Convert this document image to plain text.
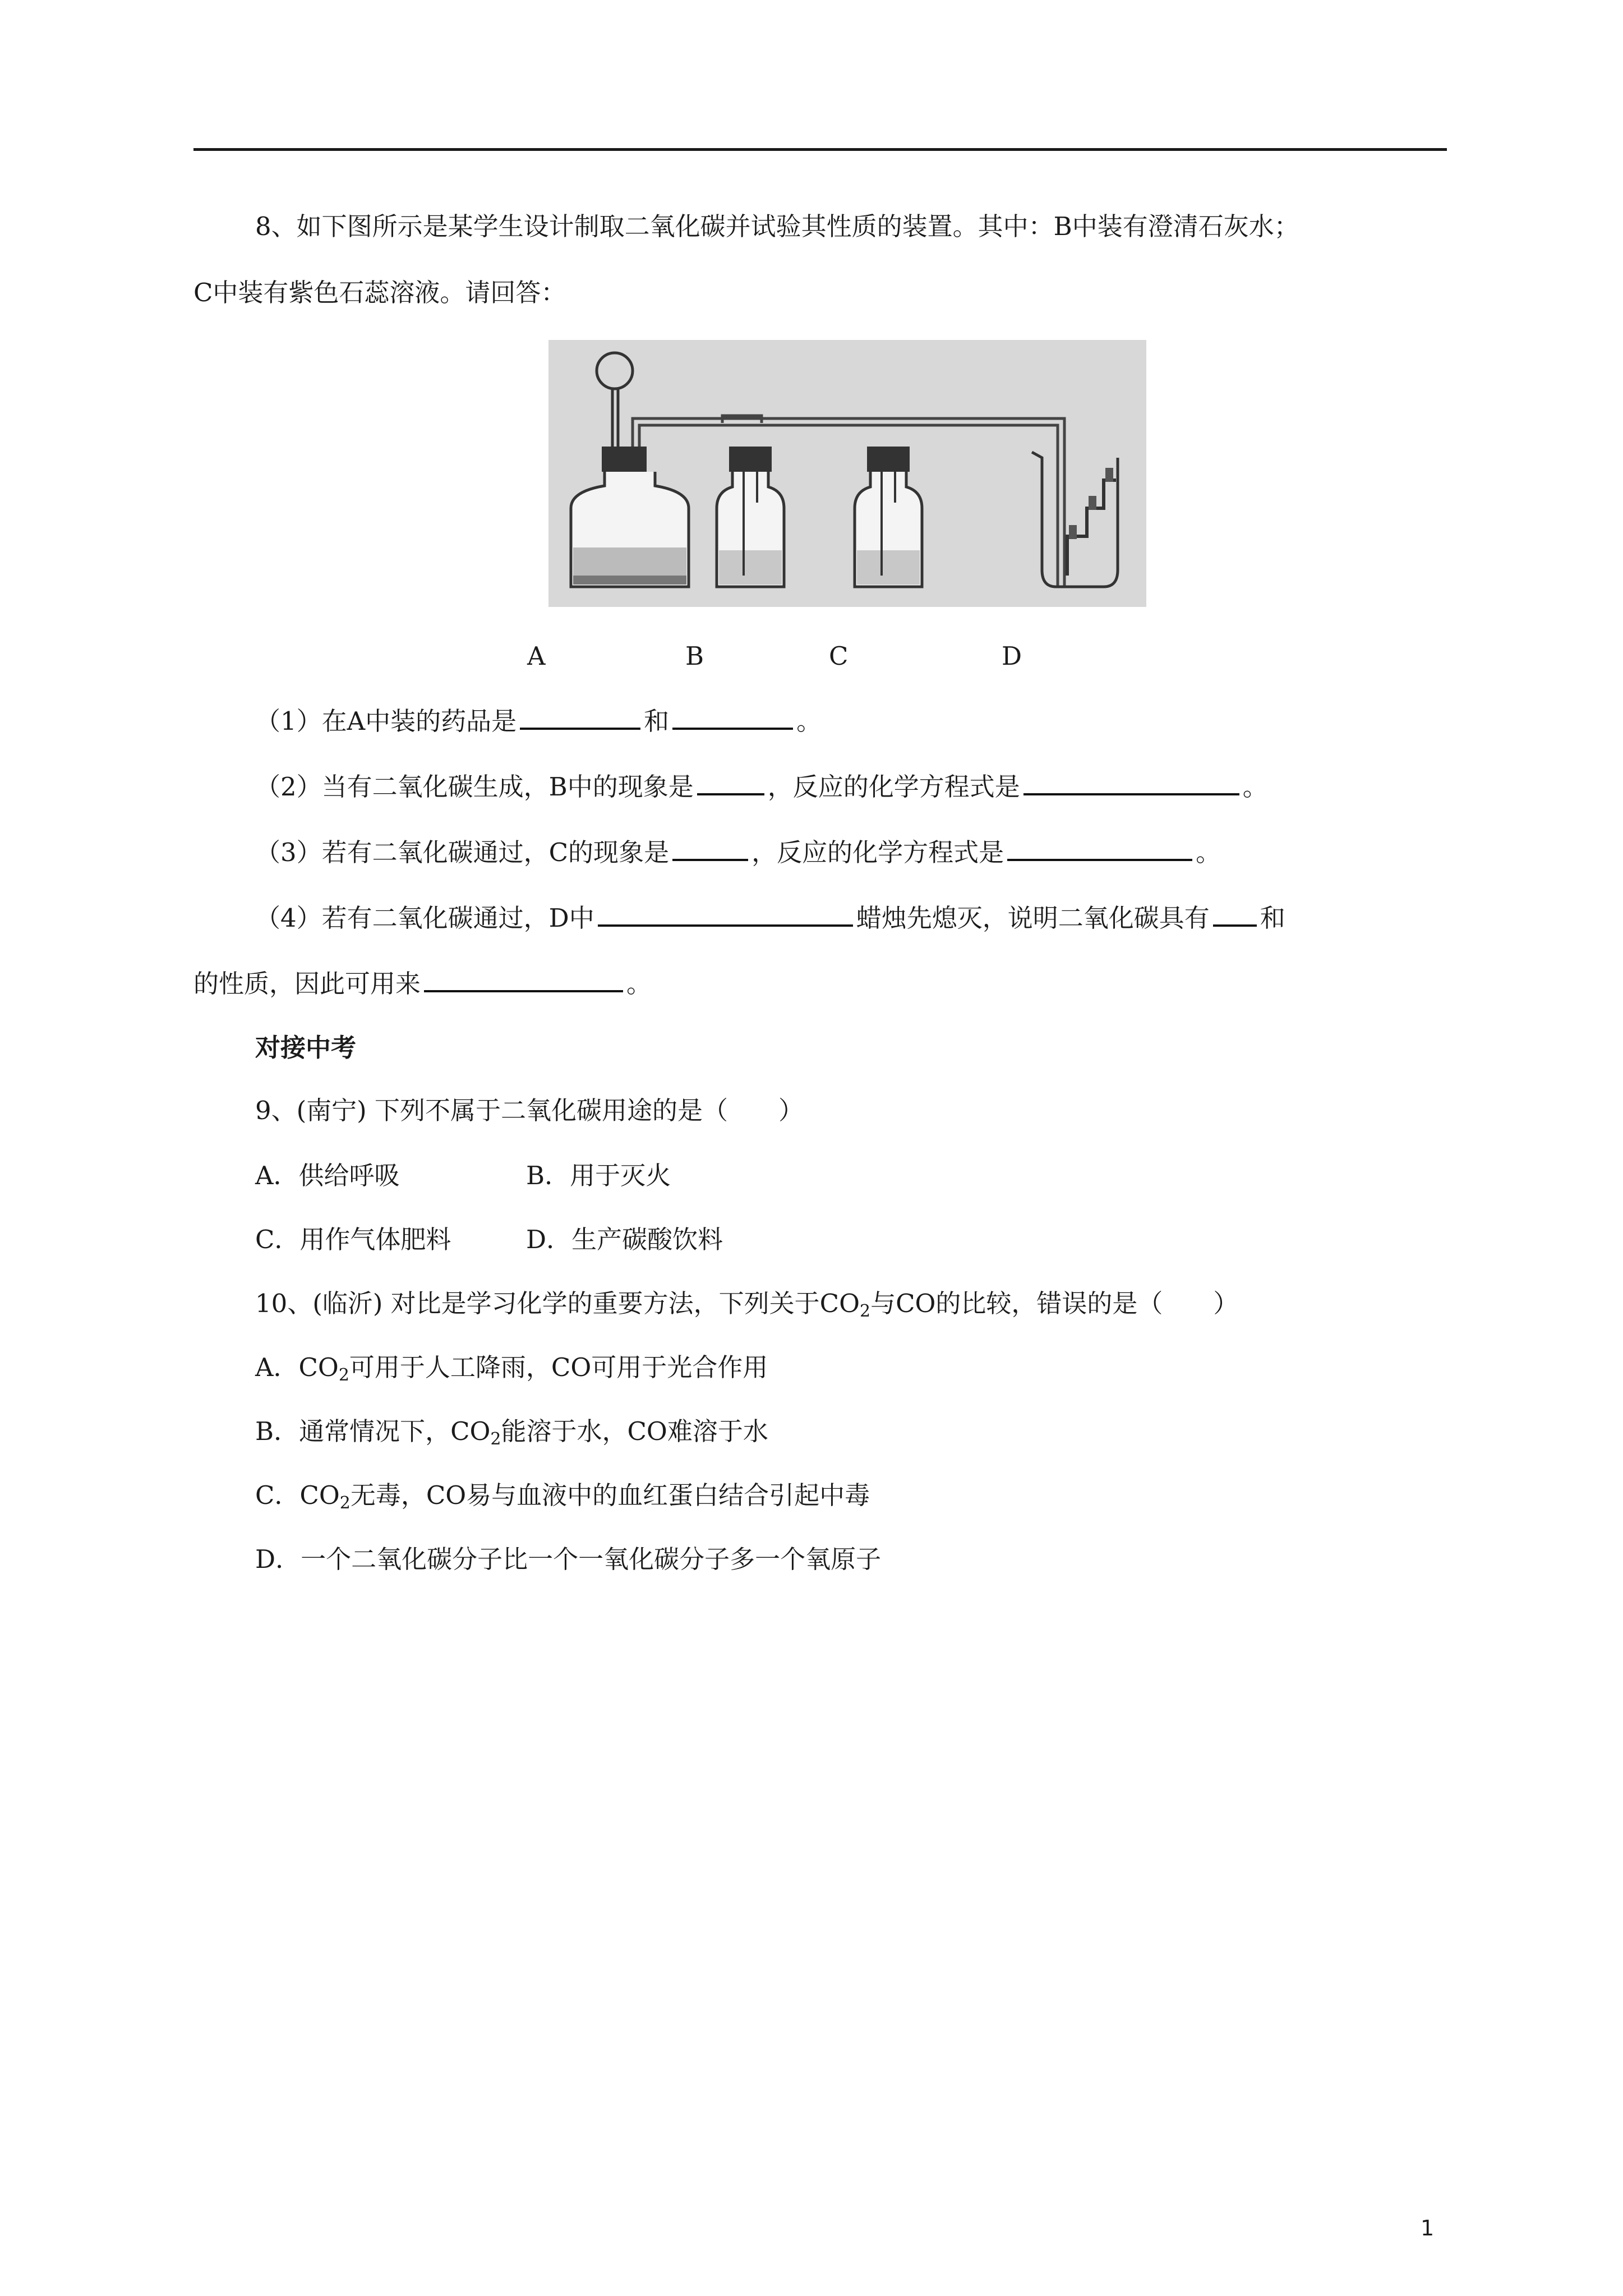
8、如下图所示是某学生设计制取二氧化碳并试验其性质的装置。其中：B中装有澄清石灰水；
C中装有紫色石蕊溶液。请回答：
A	B	C	D
（1）在A中装的药品是	和	。
（2）当有二氧化碳生成，B中的现象是	，反应的化学方程式是	。
（3）若有二氧化碳通过，C的现象是	，反应的化学方程式是	。
（4）若有二氧化碳通过，D中	蜡烛先熄灭，说明二氧化碳具有 和
的性质，因此可用来	。
对接中考
9、(南宁) 下列不属于二氧化碳用途的是（　　）
A．供给呼吸	B．用于灭火
C．用作气体肥料	D．生产碳酸饮料
10、(临沂) 对比是学习化学的重要方法，下列关于$CO_2$与CO的比较，错误的是（　　）
A．$CO_2$可用于人工降雨，CO可用于光合作用
B．通常情况下，$CO_2$能溶于水，CO难溶于水
C．$CO_2$无毒，CO易与血液中的血红蛋白结合引起中毒
D．一个二氧化碳分子比一个一氧化碳分子多一个氧原子
1
